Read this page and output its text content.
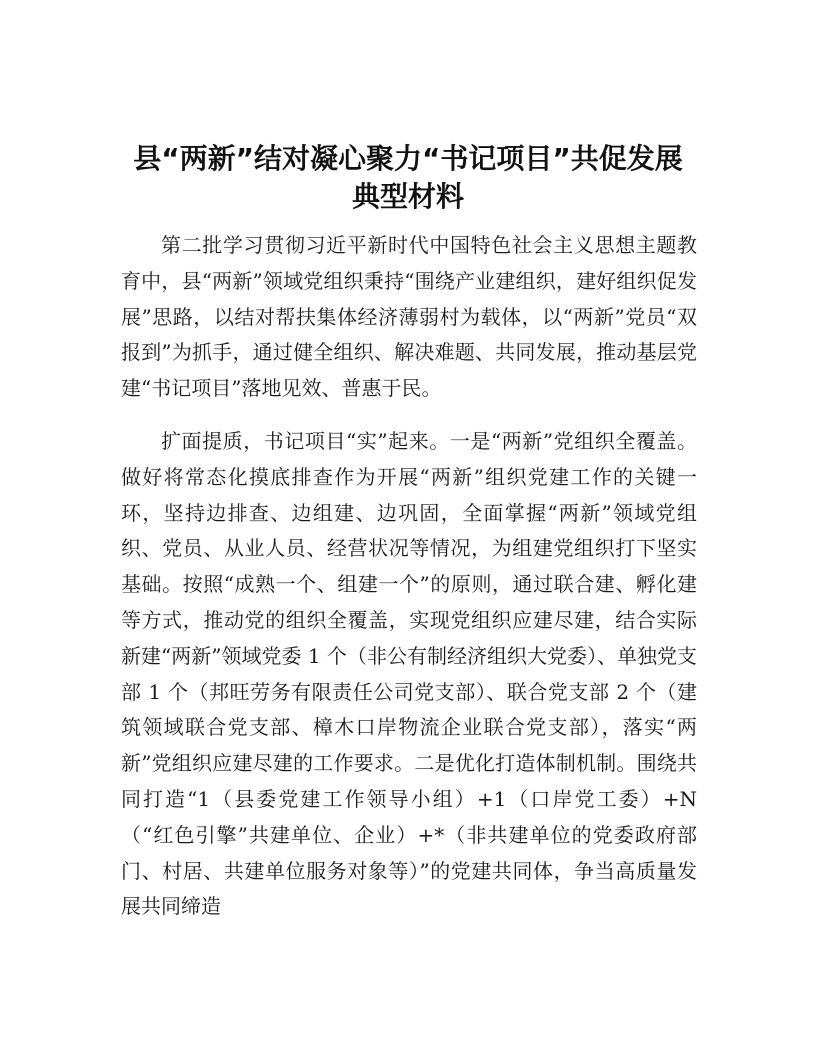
县“两新”结对凝心聚力“书记项目”共促发展典型材料

第二批学习贯彻习近平新时代中国特色社会主义思想主题教育中，县“两新”领域党组织秉持“围绕产业建组织，建好组织促发展”思路，以结对帮扶集体经济薄弱村为载体，以“两新”党员“双报到”为抓手，通过健全组织、解决难题、共同发展，推动基层党建“书记项目”落地见效、普惠于民。

扩面提质，书记项目“实”起来。一是“两新”党组织全覆盖。做好将常态化摸底排查作为开展“两新”组织党建工作的关键一环，坚持边排查、边组建、边巩固，全面掌握“两新”领域党组织、党员、从业人员、经营状况等情况，为组建党组织打下坚实基础。按照“成熟一个、组建一个”的原则，通过联合建、孵化建等方式，推动党的组织全覆盖，实现党组织应建尽建，结合实际新建“两新”领域党委 1 个（非公有制经济组织大党委）、单独党支部 1 个（邦旺劳务有限责任公司党支部）、联合党支部 2 个（建筑领域联合党支部、樟木口岸物流企业联合党支部），落实“两新”党组织应建尽建的工作要求。二是优化打造体制机制。围绕共同打造“1（县委党建工作领导小组）+1（口岸党工委）+N（“红色引擎”共建单位、企业）+*（非共建单位的党委政府部门、村居、共建单位服务对象等）”的党建共同体，争当高质量发展共同缔造
